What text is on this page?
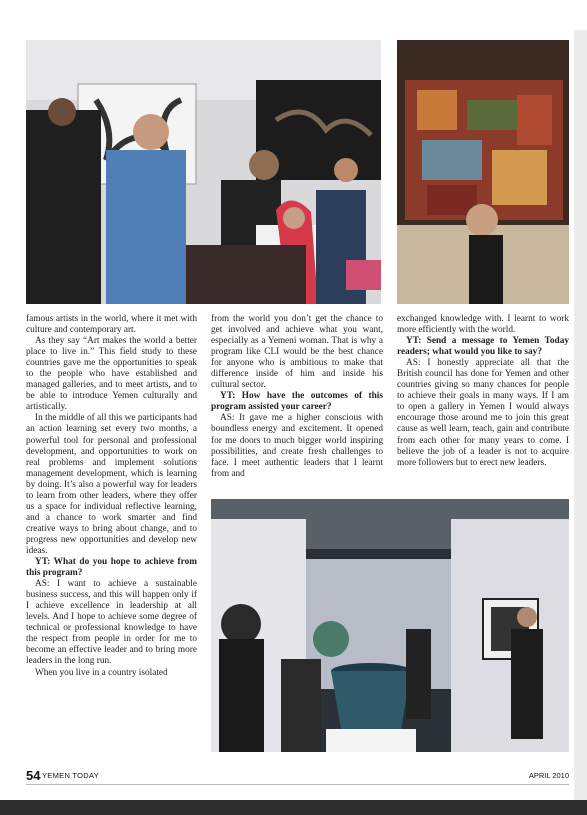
famous artists in the world, where it met with culture and contemporary art.

As they say “Art makes the world a better place to live in.” This field study to these countries gave me the opportunities to speak to the people who have established and managed galleries, and to meet artists, and to be able to introduce Yemen culturally and artistically.

In the middle of all this we participants had an action learning set every two months, a powerful tool for personal and professional development, and opportunities to work on real problems and implement solutions management development, which is learning by doing. It’s also a powerful way for leaders to learn from other leaders, where they offer us a space for individual reflective learning, and a chance to work smarter and find creative ways to bring about change, and to progress new opportunities and develop new ideas.

YT: What do you hope to achieve from this program?

AS: I want to achieve a sustainable business success, and this will happen only if I achieve excellence in leadership at all levels. And I hope to achieve some degree of technical or professional knowledge to have the respect from people in order for me to become an effective leader and to bring more leaders in the long run.

When you live in a country isolated

from the world you don’t get the chance to get involved and achieve what you want, especially as a Yemeni woman. That is why a program like CLI would be the best chance for anyone who is ambitious to make that difference inside of him and inside his cultural sector.

YT: How have the outcomes of this program assisted your career?

AS: It gave me a higher conscious with boundless energy and excitement. It opened for me doors to much bigger world inspiring possibilities, and create fresh challenges to face. I meet authentic leaders that I learnt from and

exchanged knowledge with. I learnt to work more efficiently with the world.

YT: Send a message to Yemen Today readers; what would you like to say?

AS: I honestly appreciate all that the British council has done for Yemen and other countries giving so many chances for people to achieve their goals in many ways. If I am to open a gallery in Yemen I would always encourage those around me to join this great cause as well learn, teach, gain and contribute from each other for many years to come. I believe the job of a leader is not to acquire more followers but to erect new leaders.

54 YEMEN TODAY	APRIL 2010
